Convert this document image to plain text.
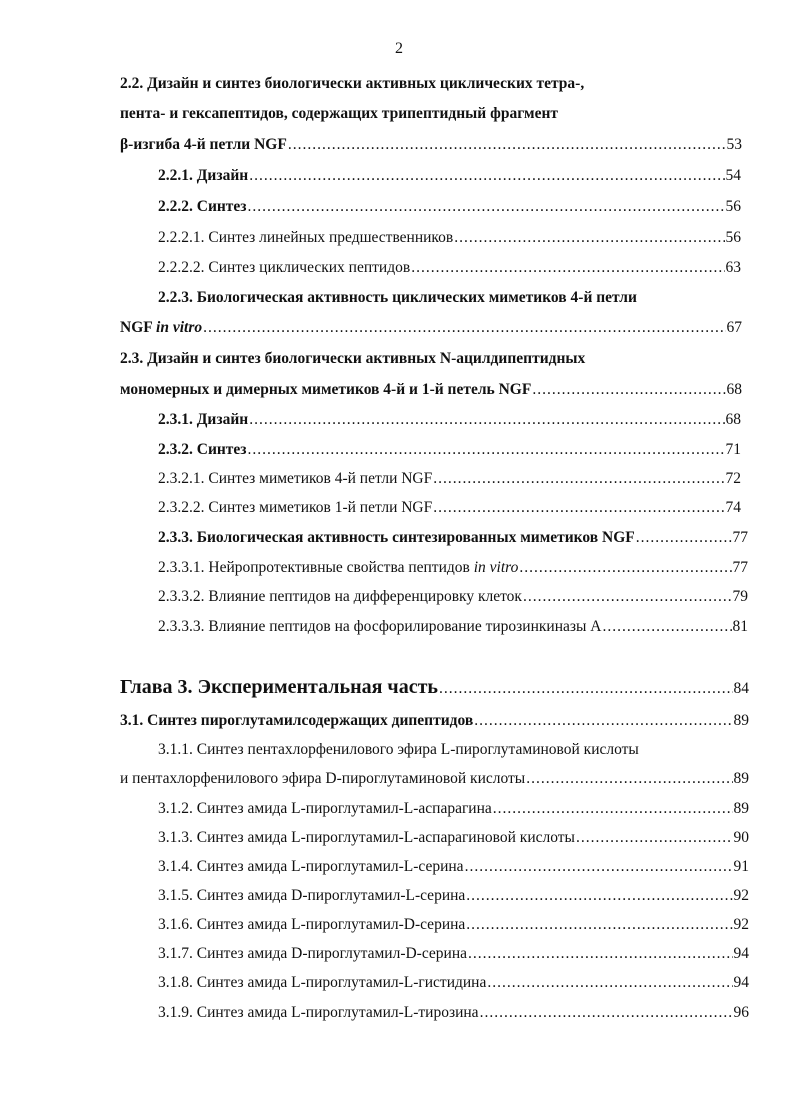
2
2.2. Дизайн и синтез биологически активных циклических тетра-,
пента- и гексапептидов, содержащих трипептидный фрагмент
β-изгиба 4-й петли NGF .....	53
2.2.1. Дизайн .....	54
2.2.2. Синтез .....	56
2.2.2.1. Синтез линейных предшественников .....	56
2.2.2.2. Синтез циклических пептидов .....	63
2.2.3. Биологическая активность циклических миметиков 4-й петли
NGF in vitro .....	67
2.3. Дизайн и синтез биологически активных N-ацилдипептидных
мономерных и димерных миметиков 4-й и 1-й петель NGF .....	68
2.3.1. Дизайн .....	68
2.3.2. Синтез .....	71
2.3.2.1. Синтез миметиков 4-й петли NGF .....	72
2.3.2.2. Синтез миметиков 1-й петли NGF .....	74
2.3.3. Биологическая активность синтезированных миметиков NGF .....	77
2.3.3.1. Нейропротективные свойства пептидов in vitro .....	77
2.3.3.2. Влияние пептидов на дифференцировку клеток .....	79
2.3.3.3. Влияние пептидов на фосфорилирование тирозинкиназы А .....	81
Глава 3. Экспериментальная часть .....	84
3.1. Синтез пироглутамилсодержащих дипептидов .....	89
3.1.1. Синтез пентахлорфенилового эфира L-пироглутаминовой кислоты
и пентахлорфенилового эфира D-пироглутаминовой кислоты .....	89
3.1.2. Синтез амида L-пироглутамил-L-аспарагина .....	89
3.1.3. Синтез амида L-пироглутамил-L-аспарагиновой кислоты .....	90
3.1.4. Синтез амида L-пироглутамил-L-серина .....	91
3.1.5. Синтез амида D-пироглутамил-L-серина .....	92
3.1.6. Синтез амида L-пироглутамил-D-серина .....	92
3.1.7. Синтез амида D-пироглутамил-D-серина .....	94
3.1.8. Синтез амида L-пироглутамил-L-гистидина .....	94
3.1.9. Синтез амида L-пироглутамил-L-тирозина .....	96
